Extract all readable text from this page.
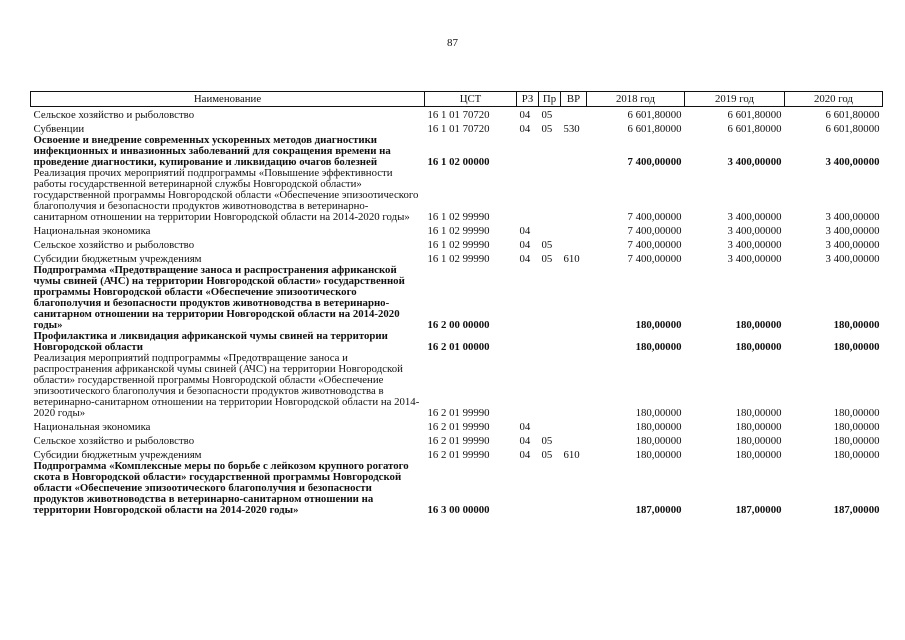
87
Наименование	ЦСТ	РЗ	Пр	ВР	2018 год	2019 год	2020 год
Сельское хозяйство и рыболовство	16 1 01 70720	04	05		6 601,80000	6 601,80000	6 601,80000
Субвенции	16 1 01 70720	04	05	530	6 601,80000	6 601,80000	6 601,80000
Освоение и внедрение современных ускоренных методов диагностики инфекционных и инвазионных заболеваний для сокращения времени на проведение диагностики, купирование и ликвидацию очагов болезней	16 1 02 00000				7 400,00000	3 400,00000	3 400,00000
Реализация прочих мероприятий подпрограммы «Повышение эффективности работы государственной ветеринарной службы Новгородской области» государственной программы Новгородской области «Обеспечение эпизоотического благополучия и безопасности продуктов животноводства в ветеринарно-санитарном отношении на территории Новгородской области на 2014-2020 годы»	16 1 02 99990				7 400,00000	3 400,00000	3 400,00000
Национальная экономика	16 1 02 99990	04			7 400,00000	3 400,00000	3 400,00000
Сельское хозяйство и рыболовство	16 1 02 99990	04	05		7 400,00000	3 400,00000	3 400,00000
Субсидии бюджетным учреждениям	16 1 02 99990	04	05	610	7 400,00000	3 400,00000	3 400,00000
Подпрограмма «Предотвращение заноса и распространения африканской чумы свиней (АЧС) на территории Новгородской области» государственной программы Новгородской области «Обеспечение эпизоотического благополучия и безопасности продуктов животноводства в ветеринарно-санитарном отношении на территории Новгородской области на 2014-2020 годы»	16 2 00 00000				180,00000	180,00000	180,00000
Профилактика и ликвидация африканской чумы свиней на территории Новгородской области	16 2 01 00000				180,00000	180,00000	180,00000
Реализация мероприятий подпрограммы «Предотвращение заноса и распространения африканской чумы свиней (АЧС) на территории Новгородской области» государственной программы Новгородской области «Обеспечение эпизоотического благополучия и безопасности продуктов животноводства в ветеринарно-санитарном отношении на территории Новгородской области на 2014-2020 годы»	16 2 01 99990				180,00000	180,00000	180,00000
Национальная экономика	16 2 01 99990	04			180,00000	180,00000	180,00000
Сельское хозяйство и рыболовство	16 2 01 99990	04	05		180,00000	180,00000	180,00000
Субсидии бюджетным учреждениям	16 2 01 99990	04	05	610	180,00000	180,00000	180,00000
Подпрограмма «Комплексные меры по борьбе с лейкозом крупного рогатого скота в Новгородской области» государственной программы Новгородской области «Обеспечение эпизоотического благополучия и безопасности продуктов животноводства в ветеринарно-санитарном отношении на территории Новгородской области на 2014-2020 годы»	16 3 00 00000				187,00000	187,00000	187,00000
